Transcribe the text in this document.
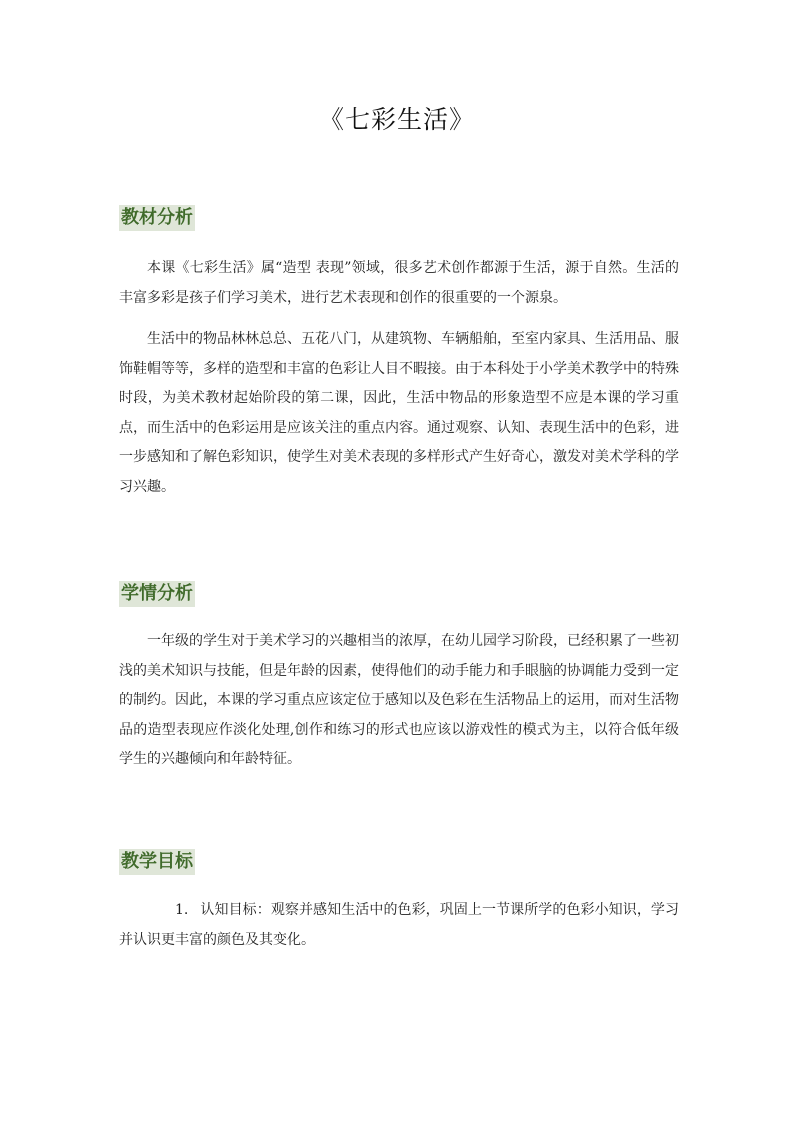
《七彩生活》
教材分析

本课《七彩生活》属“造型 表现”领域，很多艺术创作都源于生活，源于自然。生活的丰富多彩是孩子们学习美术，进行艺术表现和创作的很重要的一个源泉。

生活中的物品林林总总、五花八门，从建筑物、车辆船舶，至室内家具、生活用品、服饰鞋帽等等，多样的造型和丰富的色彩让人目不暇接。由于本科处于小学美术教学中的特殊时段，为美术教材起始阶段的第二课，因此，生活中物品的形象造型不应是本课的学习重点，而生活中的色彩运用是应该关注的重点内容。通过观察、认知、表现生活中的色彩，进一步感知和了解色彩知识，使学生对美术表现的多样形式产生好奇心，激发对美术学科的学习兴趣。

学情分析

一年级的学生对于美术学习的兴趣相当的浓厚，在幼儿园学习阶段，已经积累了一些初浅的美术知识与技能，但是年龄的因素，使得他们的动手能力和手眼脑的协调能力受到一定的制约。因此，本课的学习重点应该定位于感知以及色彩在生活物品上的运用，而对生活物品的造型表现应作淡化处理,创作和练习的形式也应该以游戏性的模式为主，以符合低年级学生的兴趣倾向和年龄特征。

教学目标

1. 认知目标：观察并感知生活中的色彩，巩固上一节课所学的色彩小知识，学习并认识更丰富的颜色及其变化。
